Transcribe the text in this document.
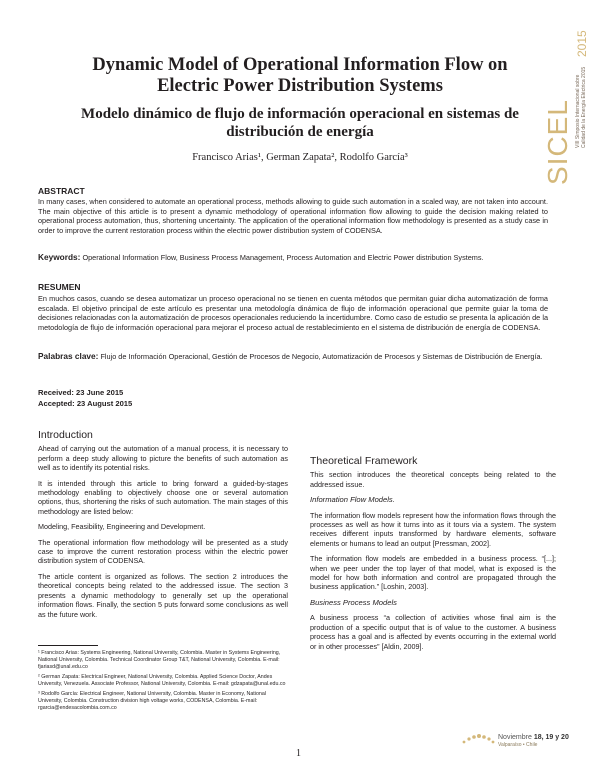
Dynamic Model of Operational Information Flow on Electric Power Distribution Systems
Modelo dinámico de flujo de información operacional en sistemas de distribución de energía
Francisco Arias¹, German Zapata², Rodolfo García³
ABSTRACT

In many cases, when considered to automate an operational process, methods allowing to guide such automation in a scaled way, are not taken into account. The main objective of this article is to present a dynamic methodology of operational information flow allowing to guide the decision making related to operational process automation, thus, shortening uncertainty. The application of the operational information flow methodology is presented as a study case in order to improve the current restoration process within the electric power distribution system of CODENSA.

Keywords: Operational Information Flow, Business Process Management, Process Automation and Electric Power distribution Systems.

RESUMEN

En muchos casos, cuando se desea automatizar un proceso operacional no se tienen en cuenta métodos que permitan guiar dicha automatización de forma escalada. El objetivo principal de este artículo es presentar una metodología dinámica de flujo de información operacional que permite guiar la toma de decisiones relacionadas con la automatización de procesos operacionales reduciendo la incertidumbre. Como caso de estudio se presenta la aplicación de la metodología de flujo de información operacional para mejorar el proceso actual de restablecimiento en el sistema de distribución de energía de CODENSA.

Palabras clave: Flujo de Información Operacional, Gestión de Procesos de Negocio, Automatización de Procesos y Sistemas de Distribución de Energía.

Received: 23 June 2015
Accepted: 23 August 2015
Introduction

Ahead of carrying out the automation of a manual process, it is necessary to perform a deep study allowing to picture the benefits of such automation as well as to identify its potential risks.

It is intended through this article to bring forward a guided-by-stages methodology enabling to objectively choose one or several automation options, thus, shortening the risks of such automation. The main stages of this methodology are listed below:

Modeling, Feasibility, Engineering and Development.

The operational information flow methodology will be presented as a study case to improve the current restoration process within the electric power distribution system of CODENSA.

The article content is organized as follows. The section 2 introduces the theoretical concepts being related to the addressed issue. The section 3 presents a dynamic methodology to generally set up the operational information flows. Finally, the section 5 puts forward some conclusions as well as the future work.

Theoretical Framework

This section introduces the theoretical concepts being related to the addressed issue.

Information Flow Models.

The information flow models represent how the information flows through the processes as well as how it turns into as it tours via a system. The system receives different inputs transformed by hardware elements, software elements or humans to lead an output [Pressman, 2002].

The information flow models are embedded in a business process. “[...]; when we peer under the top layer of that model, what is exposed is the model for how both information and control are propagated through the business application.” [Loshin, 2003].

Business Process Models

A business process “a collection of activities whose final aim is the production of a specific output that is of value to the customer. A business process has a goal and is affected by events occurring in the external world or in other processes” [Aldin, 2009].

¹ Francisco Arias: Systems Engineering, National University, Colombia. Master in Systems Engineering, National University, Colombia. Technical Coordinator Group T&T, National University, Colombia. E-mail: fjariasd@unal.edu.co

² German Zapata: Electrical Engineer, National University, Colombia. Applied Science Doctor, Andes University, Venezuela. Associate Professor, National University, Colombia. E-mail: gdzapata@unal.edu.co

³ Rodolfo García: Electrical Engineer, National University, Colombia. Master in Economy, National University, Colombia. Construction division high voltage works, CODENSA, Colombia. E-mail: rgarcia@endesacolombia.com.co

1
2015
VIII Simposio Internacional sobre Calidad de la Energía Eléctrica 2015
SICEL
Noviembre 18, 19 y 20
Valparaíso • Chile
